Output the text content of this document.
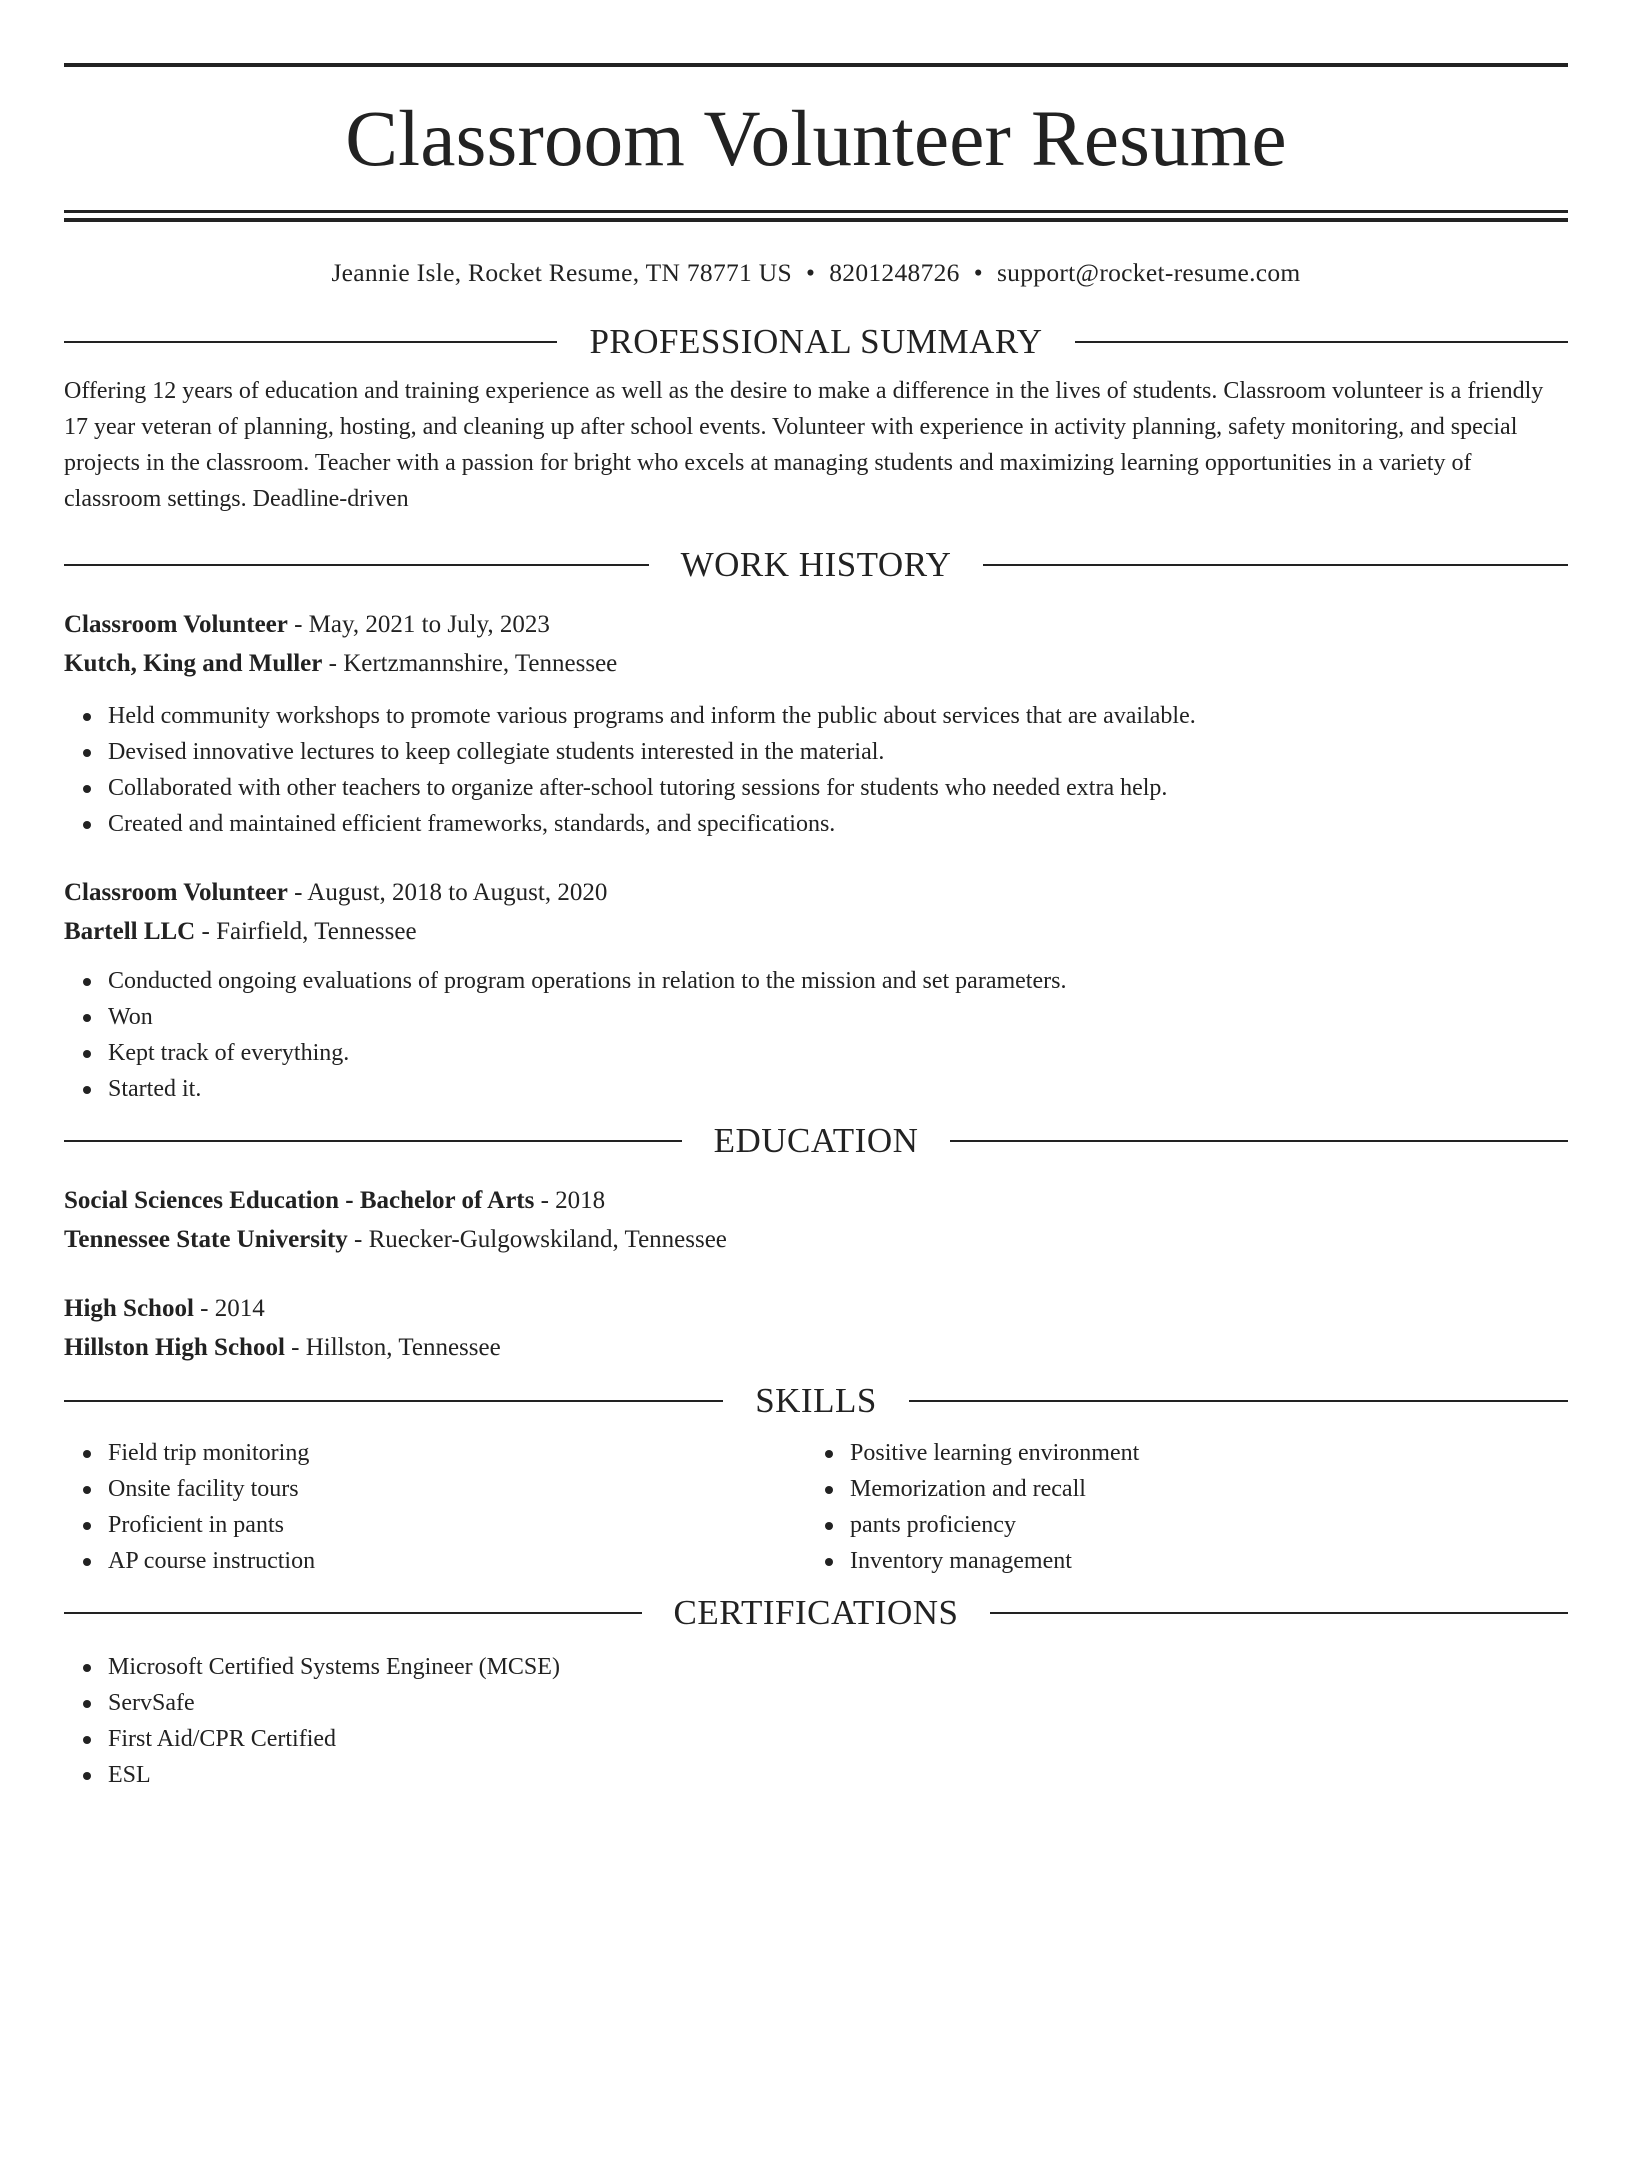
Classroom Volunteer Resume
Jeannie Isle, Rocket Resume, TN 78771 US • 8201248726 • support@rocket-resume.com
PROFESSIONAL SUMMARY
Offering 12 years of education and training experience as well as the desire to make a difference in the lives of students. Classroom volunteer is a friendly 17 year veteran of planning, hosting, and cleaning up after school events. Volunteer with experience in activity planning, safety monitoring, and special projects in the classroom. Teacher with a passion for bright who excels at managing students and maximizing learning opportunities in a variety of classroom settings. Deadline-driven
WORK HISTORY
Classroom Volunteer - May, 2021 to July, 2023
Kutch, King and Muller - Kertzmannshire, Tennessee
Held community workshops to promote various programs and inform the public about services that are available.
Devised innovative lectures to keep collegiate students interested in the material.
Collaborated with other teachers to organize after-school tutoring sessions for students who needed extra help.
Created and maintained efficient frameworks, standards, and specifications.
Classroom Volunteer - August, 2018 to August, 2020
Bartell LLC - Fairfield, Tennessee
Conducted ongoing evaluations of program operations in relation to the mission and set parameters.
Won
Kept track of everything.
Started it.
EDUCATION
Social Sciences Education - Bachelor of Arts - 2018
Tennessee State University - Ruecker-Gulgowskiland, Tennessee
High School - 2014
Hillston High School - Hillston, Tennessee
SKILLS
Field trip monitoring
Onsite facility tours
Proficient in pants
AP course instruction
Positive learning environment
Memorization and recall
pants proficiency
Inventory management
CERTIFICATIONS
Microsoft Certified Systems Engineer (MCSE)
ServSafe
First Aid/CPR Certified
ESL
